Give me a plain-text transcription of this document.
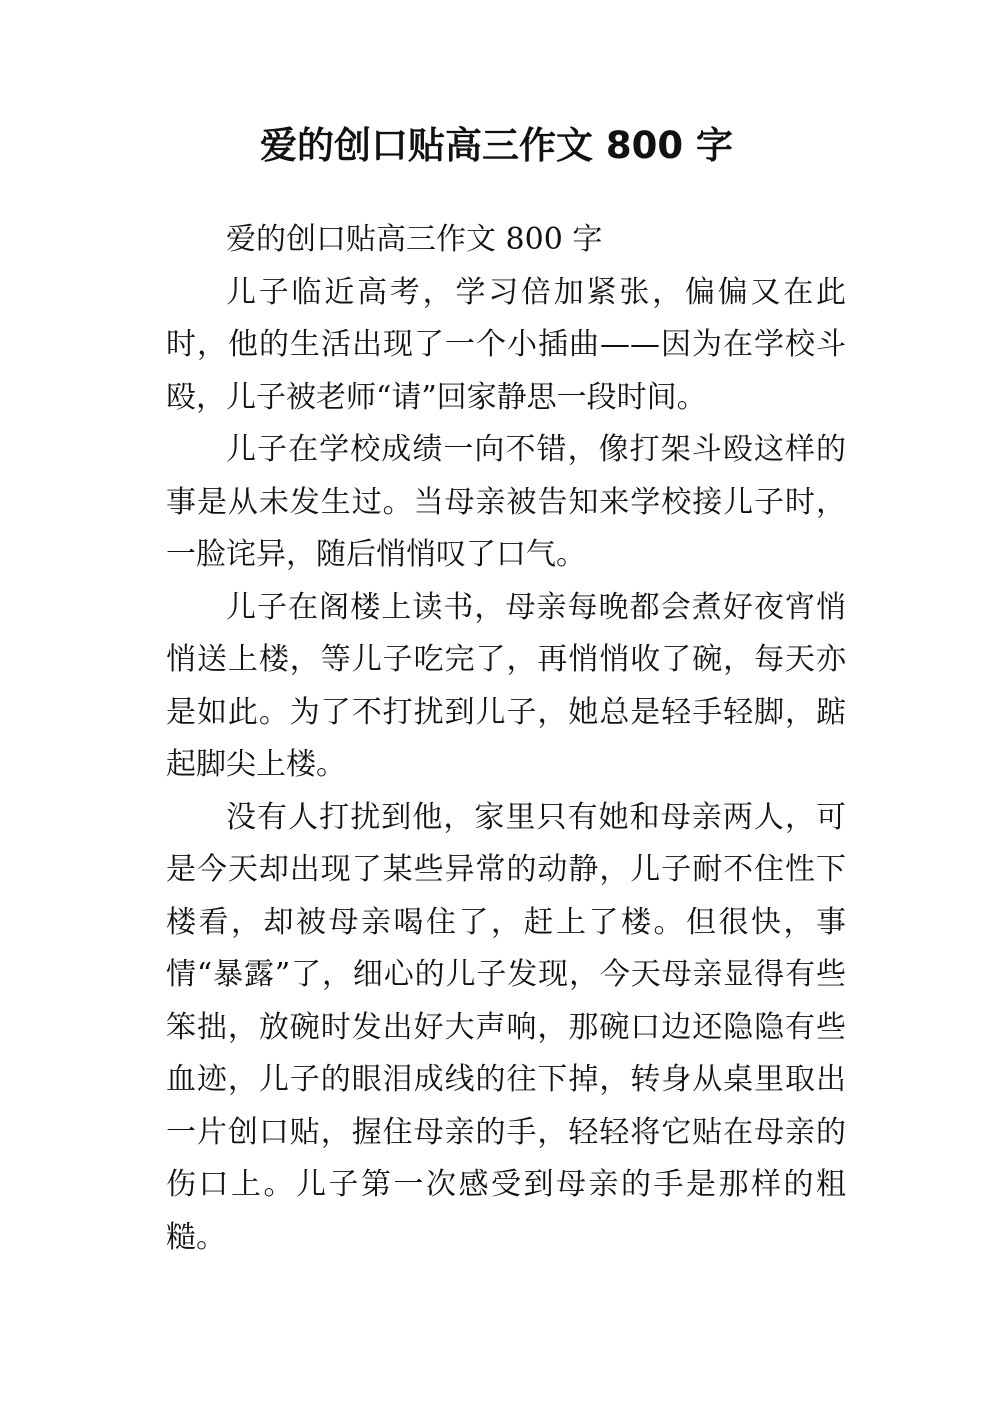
爱的创口贴高三作文 800 字

爱的创口贴高三作文 800 字

儿子临近高考，学习倍加紧张，偏偏又在此时，他的生活出现了一个小插曲——因为在学校斗殴，儿子被老师“请”回家静思一段时间。

儿子在学校成绩一向不错，像打架斗殴这样的事是从未发生过。当母亲被告知来学校接儿子时，一脸诧异，随后悄悄叹了口气。

儿子在阁楼上读书，母亲每晚都会煮好夜宵悄悄送上楼，等儿子吃完了，再悄悄收了碗，每天亦是如此。为了不打扰到儿子，她总是轻手轻脚，踮起脚尖上楼。

没有人打扰到他，家里只有她和母亲两人，可是今天却出现了某些异常的动静，儿子耐不住性下楼看，却被母亲喝住了，赶上了楼。但很快，事情“暴露”了，细心的儿子发现，今天母亲显得有些笨拙，放碗时发出好大声响，那碗口边还隐隐有些血迹，儿子的眼泪成线的往下掉，转身从桌里取出一片创口贴，握住母亲的手，轻轻将它贴在母亲的伤口上。儿子第一次感受到母亲的手是那样的粗糙。
